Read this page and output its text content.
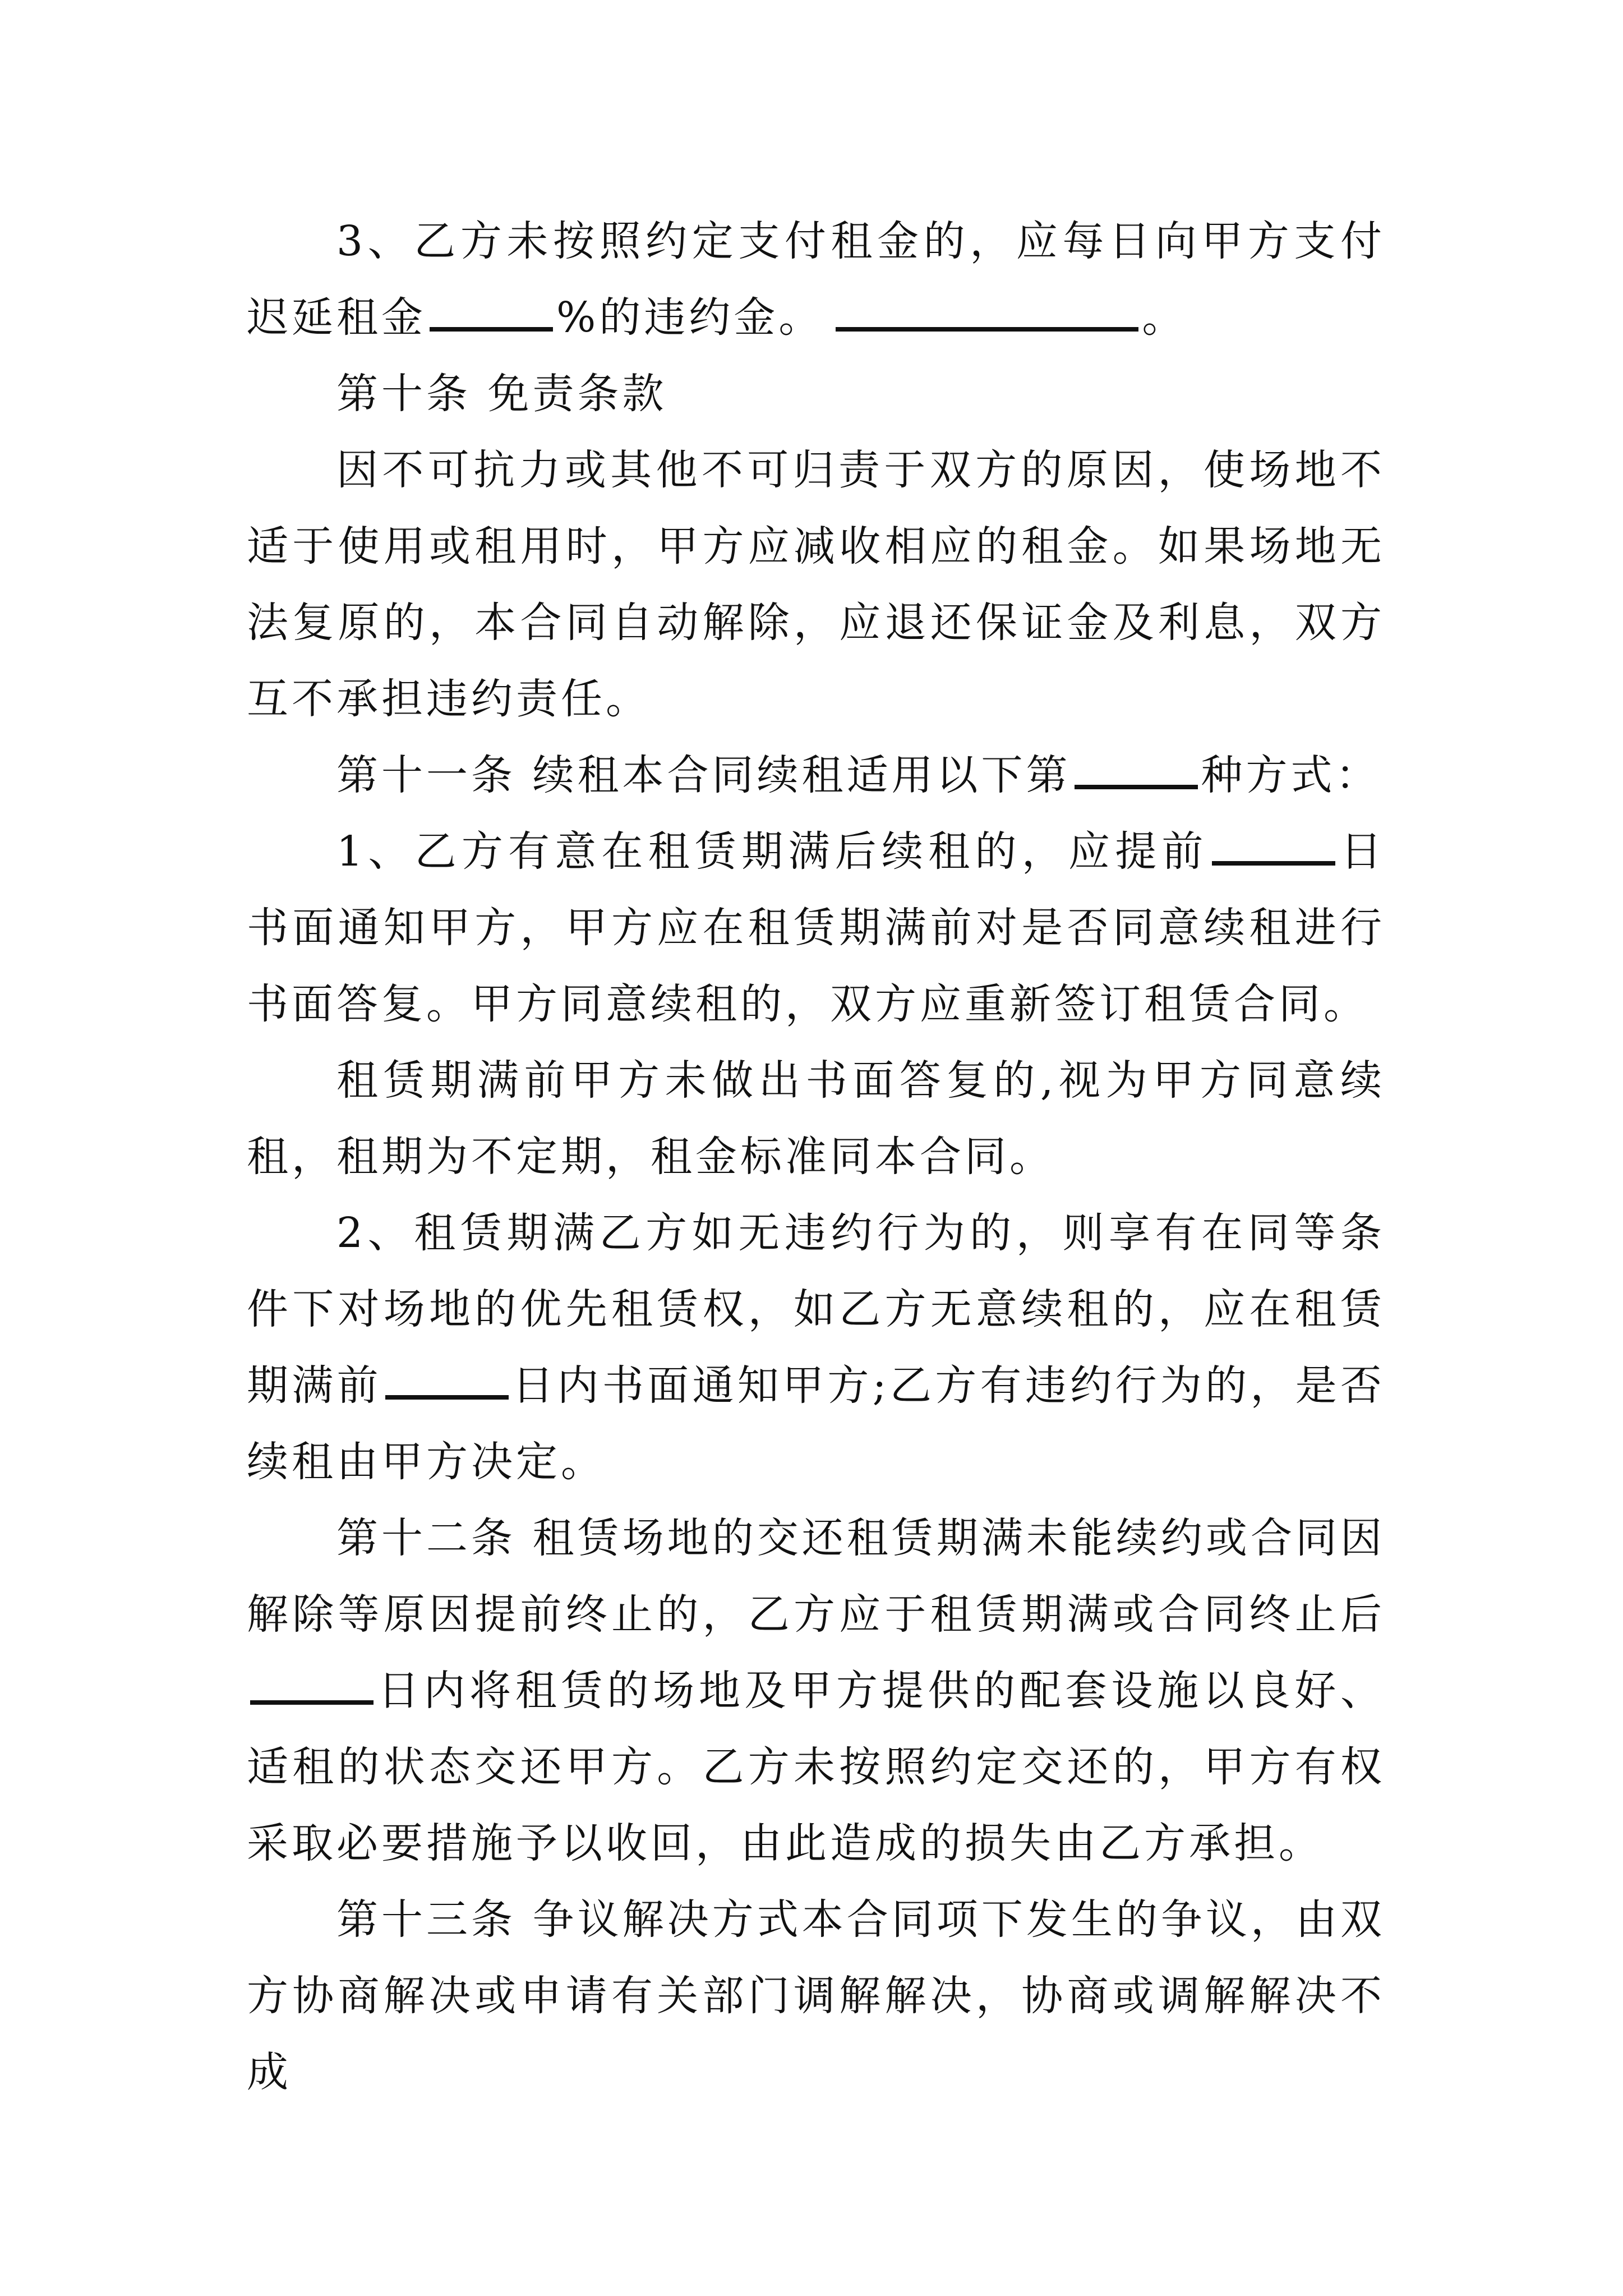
3、乙方未按照约定支付租金的，应每日向甲方支付迟延租金	%的违约金。	。

第十条 免责条款

因不可抗力或其他不可归责于双方的原因，使场地不适于使用或租用时，甲方应减收相应的租金。如果场地无法复原的，本合同自动解除，应退还保证金及利息，双方互不承担违约责任。

第十一条 续租本合同续租适用以下第	种方式：

1、乙方有意在租赁期满后续租的，应提前	日书面通知甲方，甲方应在租赁期满前对是否同意续租进行书面答复。甲方同意续租的，双方应重新签订租赁合同。

租赁期满前甲方未做出书面答复的,视为甲方同意续租，租期为不定期，租金标准同本合同。

2、租赁期满乙方如无违约行为的，则享有在同等条件下对场地的优先租赁权，如乙方无意续租的，应在租赁期满前	日内书面通知甲方;乙方有违约行为的，是否续租由甲方决定。

第十二条 租赁场地的交还租赁期满未能续约或合同因解除等原因提前终止的，乙方应于租赁期满或合同终止后日内将租赁的场地及甲方提供的配套设施以良好、适租的状态交还甲方。乙方未按照约定交还的，甲方有权采取必要措施予以收回，由此造成的损失由乙方承担。

第十三条 争议解决方式本合同项下发生的争议，由双方协商解决或申请有关部门调解解决，协商或调解解决不成
